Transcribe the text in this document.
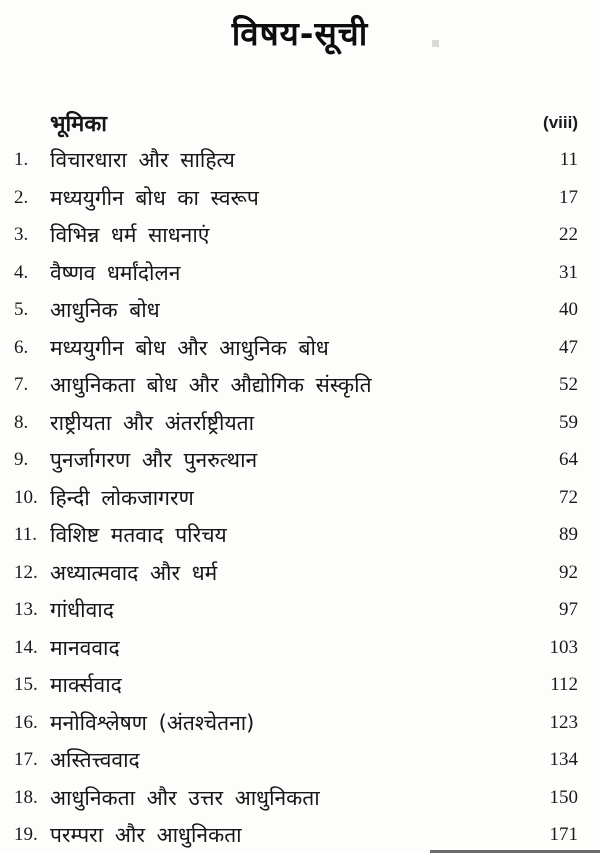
विषय-सूची
भूमिका	(viii)
1.	विचारधारा और साहित्य	11
2.	मध्ययुगीन बोध का स्वरूप	17
3.	विभिन्न धर्म साधनाएं	22
4.	वैष्णव धर्मांदोलन	31
5.	आधुनिक बोध	40
6.	मध्ययुगीन बोध और आधुनिक बोध	47
7.	आधुनिकता बोध और औद्योगिक संस्कृति	52
8.	राष्ट्रीयता और अंतर्राष्ट्रीयता	59
9.	पुनर्जागरण और पुनरुत्थान	64
10. हिन्दी लोकजागरण	72
11. विशिष्ट मतवाद परिचय	89
12. अध्यात्मवाद और धर्म	92
13. गांधीवाद	97
14. मानववाद	103
15. मार्क्सवाद	112
16. मनोविश्लेषण (अंतश्चेतना)	123
17. अस्तित्त्ववाद	134
18. आधुनिकता और उत्तर आधुनिकता	150
19. परम्परा और आधुनिकता	171
